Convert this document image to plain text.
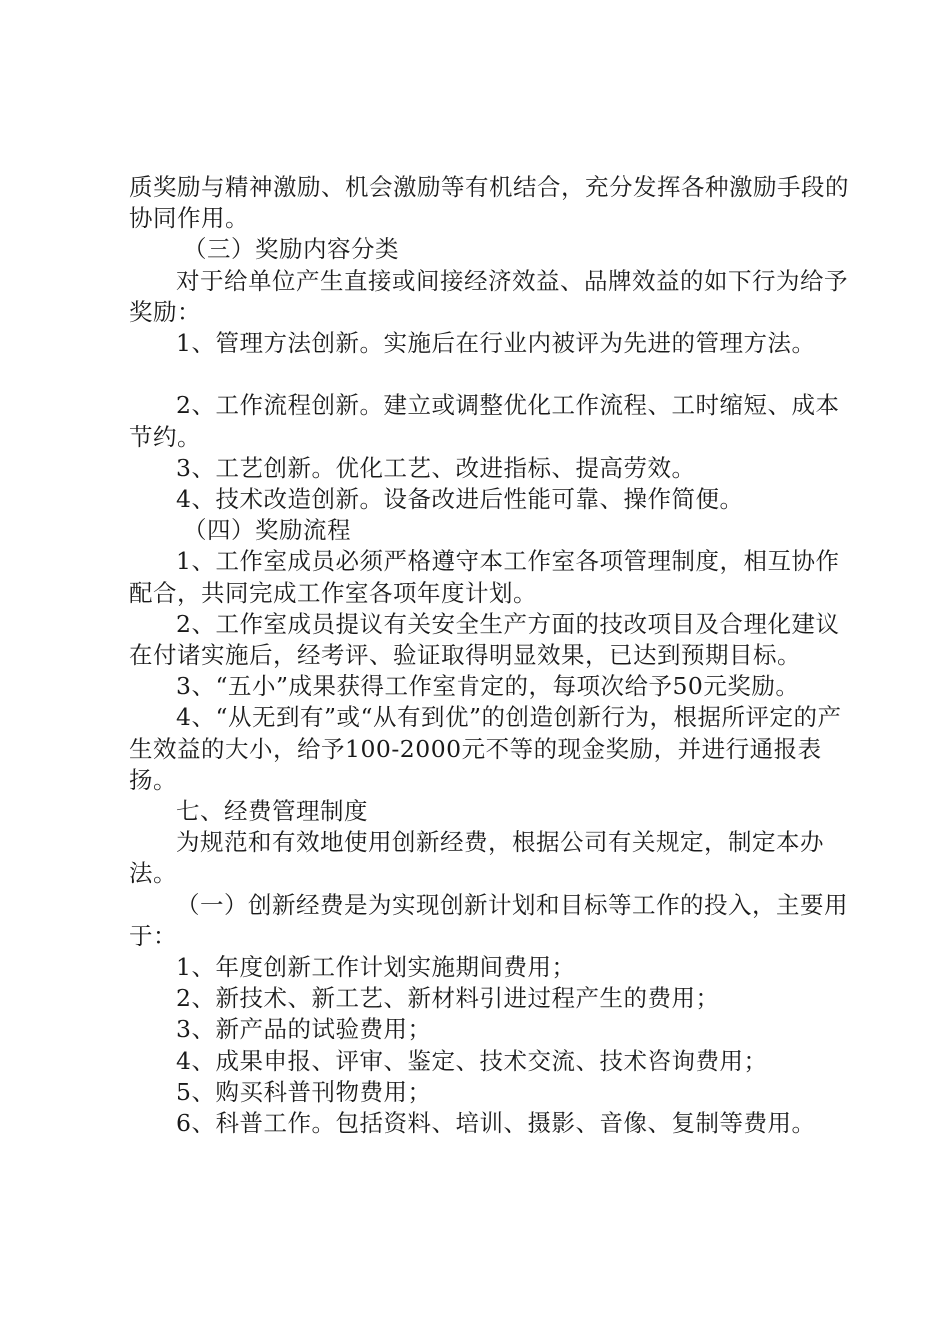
质奖励与精神激励、机会激励等有机结合，充分发挥各种激励手段的协同作用。

（三）奖励内容分类

对于给单位产生直接或间接经济效益、品牌效益的如下行为给予奖励：

1、管理方法创新。实施后在行业内被评为先进的管理方法。

2、工作流程创新。建立或调整优化工作流程、工时缩短、成本节约。

3、工艺创新。优化工艺、改进指标、提高劳效。

4、技术改造创新。设备改进后性能可靠、操作简便。

（四）奖励流程

1、工作室成员必须严格遵守本工作室各项管理制度，相互协作配合，共同完成工作室各项年度计划。

2、工作室成员提议有关安全生产方面的技改项目及合理化建议在付诸实施后，经考评、验证取得明显效果，已达到预期目标。

3、“五小”成果获得工作室肯定的，每项次给予50元奖励。

4、“从无到有”或“从有到优”的创造创新行为，根据所评定的产生效益的大小，给予100-2000元不等的现金奖励，并进行通报表扬。

七、经费管理制度

为规范和有效地使用创新经费，根据公司有关规定，制定本办法。

（一）创新经费是为实现创新计划和目标等工作的投入，主要用于：

1、年度创新工作计划实施期间费用；

2、新技术、新工艺、新材料引进过程产生的费用；

3、新产品的试验费用；

4、成果申报、评审、鉴定、技术交流、技术咨询费用；

5、购买科普刊物费用；

6、科普工作。包括资料、培训、摄影、音像、复制等费用。
